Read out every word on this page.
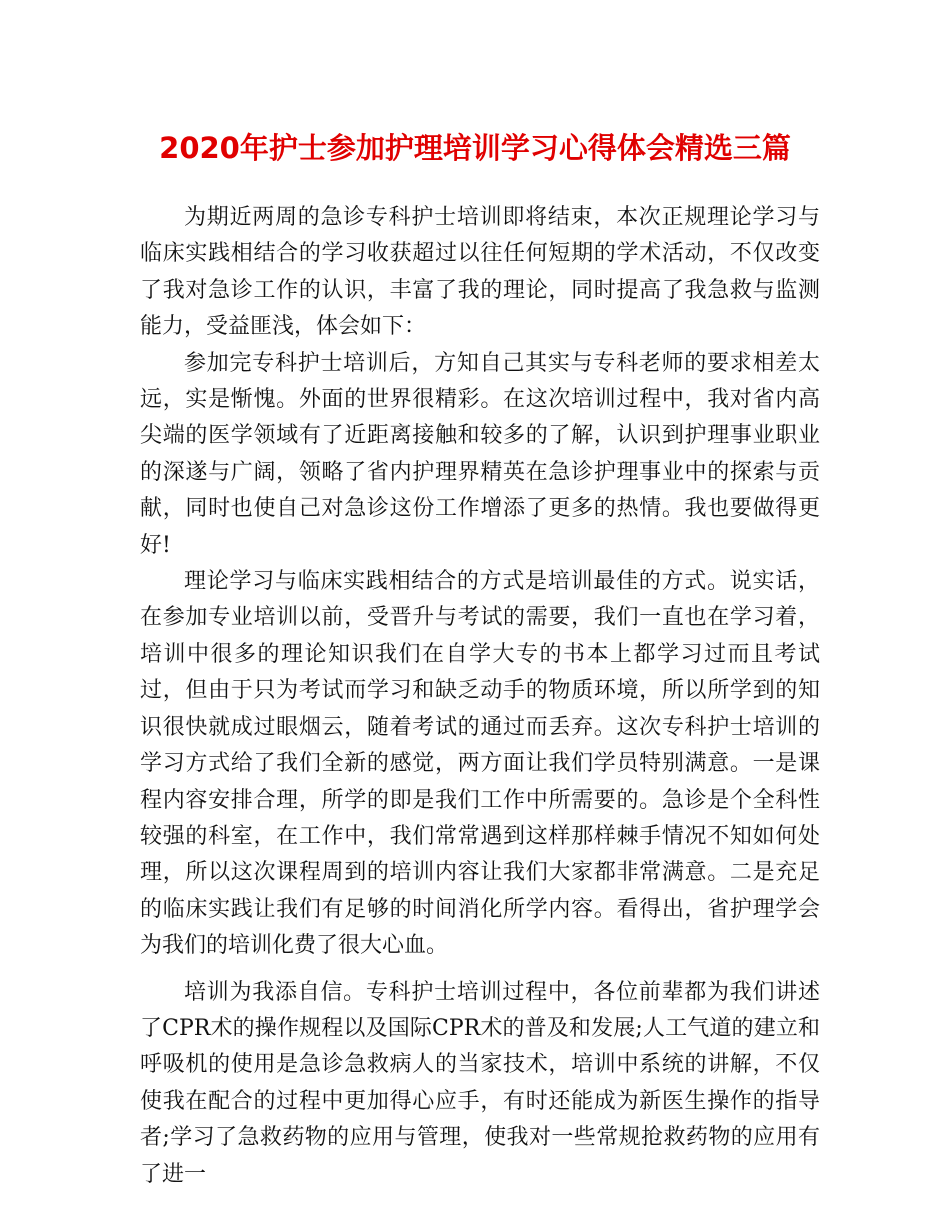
2020年护士参加护理培训学习心得体会精选三篇

为期近两周的急诊专科护士培训即将结束，本次正规理论学习与临床实践相结合的学习收获超过以往任何短期的学术活动，不仅改变了我对急诊工作的认识，丰富了我的理论，同时提高了我急救与监测能力，受益匪浅，体会如下：

参加完专科护士培训后，方知自己其实与专科老师的要求相差太远，实是惭愧。外面的世界很精彩。在这次培训过程中，我对省内高尖端的医学领域有了近距离接触和较多的了解，认识到护理事业职业的深遂与广阔，领略了省内护理界精英在急诊护理事业中的探索与贡献，同时也使自己对急诊这份工作增添了更多的热情。我也要做得更好!

理论学习与临床实践相结合的方式是培训最佳的方式。说实话，在参加专业培训以前，受晋升与考试的需要，我们一直也在学习着，培训中很多的理论知识我们在自学大专的书本上都学习过而且考试过，但由于只为考试而学习和缺乏动手的物质环境，所以所学到的知识很快就成过眼烟云，随着考试的通过而丢弃。这次专科护士培训的学习方式给了我们全新的感觉，两方面让我们学员特别满意。一是课程内容安排合理，所学的即是我们工作中所需要的。急诊是个全科性较强的科室，在工作中，我们常常遇到这样那样棘手情况不知如何处理，所以这次课程周到的培训内容让我们大家都非常满意。二是充足的临床实践让我们有足够的时间消化所学内容。看得出，省护理学会为我们的培训化费了很大心血。

培训为我添自信。专科护士培训过程中，各位前辈都为我们讲述了CPR术的操作规程以及国际CPR术的普及和发展;人工气道的建立和呼吸机的使用是急诊急救病人的当家技术，培训中系统的讲解，不仅使我在配合的过程中更加得心应手，有时还能成为新医生操作的指导者;学习了急救药物的应用与管理，使我对一些常规抢救药物的应用有了进一
